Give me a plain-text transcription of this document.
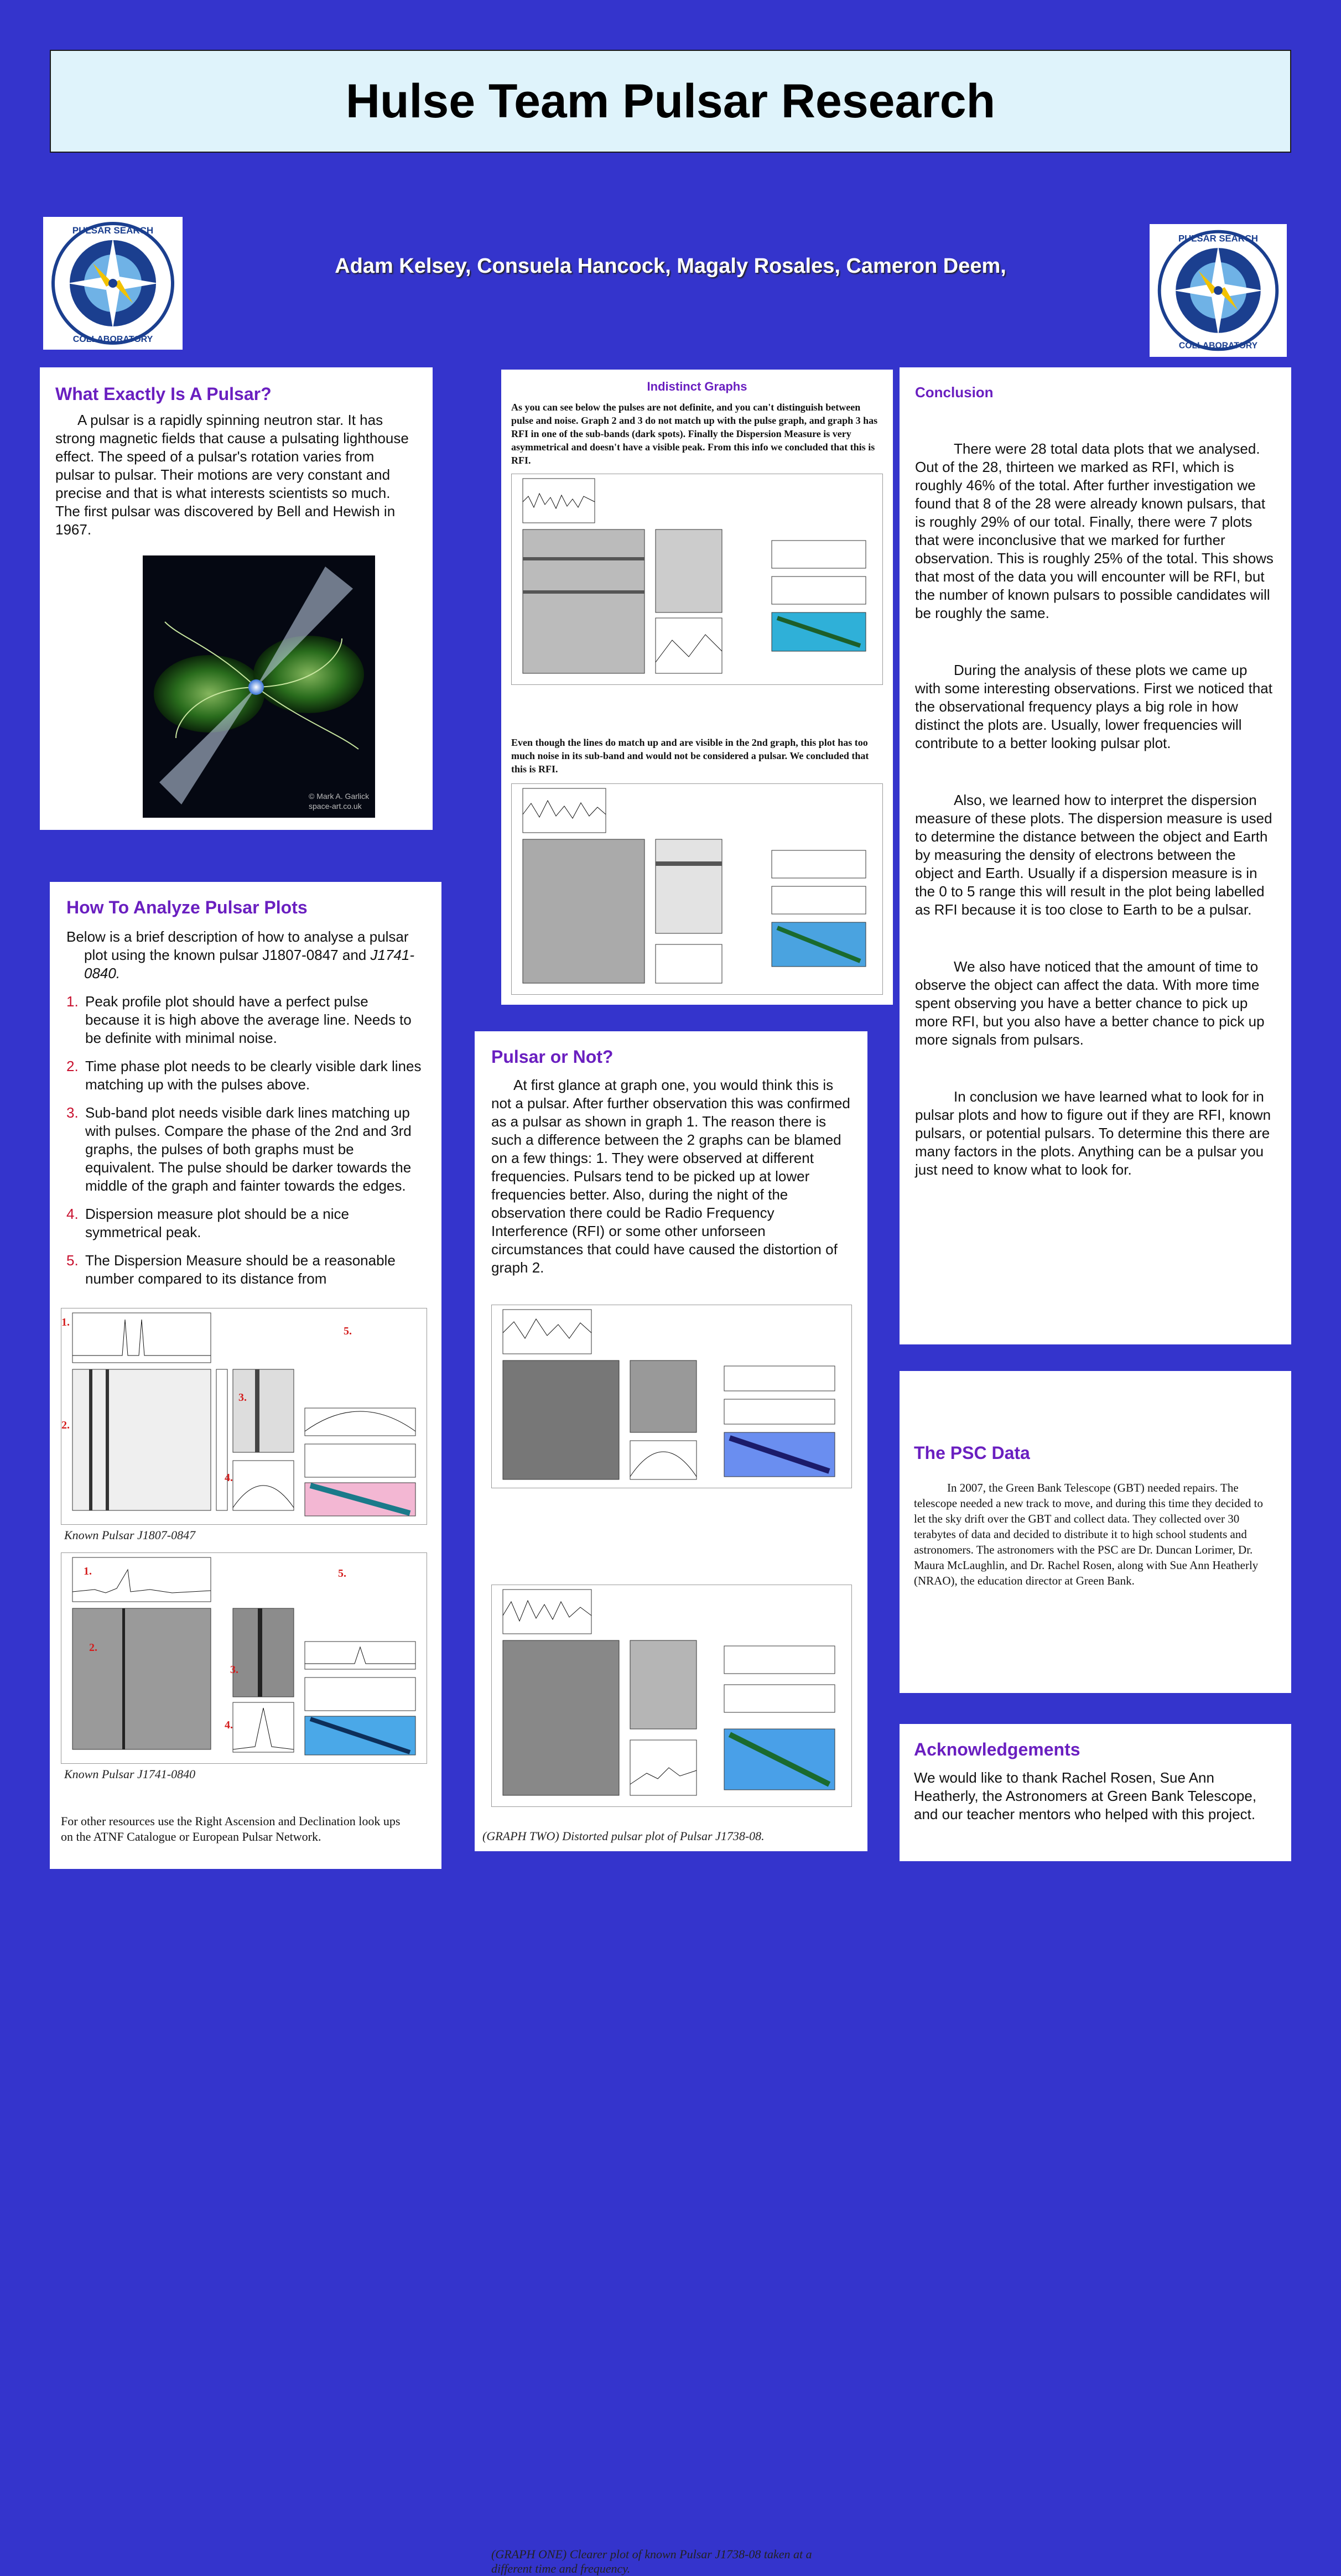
Hulse Team Pulsar Research
PULSAR SEARCH
COLLABORATORY
PULSAR SEARCH
COLLABORATORY
Adam Kelsey, Consuela Hancock, Magaly Rosales, Cameron Deem,
What Exactly Is A Pulsar?

A pulsar is a rapidly spinning neutron star. It has strong magnetic fields that cause a pulsating lighthouse effect. The speed of a pulsar's rotation varies from pulsar to pulsar. Their motions are very constant and precise and that is what interests scientists so much. The first pulsar was discovered by Bell and Hewish in 1967.

© Mark A. Garlick
space-art.co.uk
How To Analyze Pulsar Plots

Below is a brief description of how to analyse a pulsar plot using the known pulsar J1807-0847 and J1741-0840.

1. Peak profile plot should have a perfect pulse because it is high above the average line. Needs to be definite with minimal noise.
2. Time phase plot needs to be clearly visible dark lines matching up with the pulses above.
3. Sub-band plot needs visible dark lines matching up with pulses. Compare the phase of the 2nd and 3rd graphs, the pulses of both graphs must be equivalent. The pulse should be darker towards the middle of the graph and fainter towards the edges.
4. Dispersion measure plot should be a nice symmetrical peak.
5. The Dispersion Measure should be a reasonable number compared to its distance from
1.
2.
3.
4.
5.
Known Pulsar J1807-0847
1.
2.
3.
4.
5.
Known Pulsar J1741-0840
For other resources use the Right Ascension and Declination look ups on the ATNF Catalogue or European Pulsar Network.
Indistinct Graphs

As you can see below the pulses are not definite, and you can't distinguish between pulse and noise. Graph 2 and 3 do not match up with the pulse graph, and graph 3 has RFI in one of the sub-bands (dark spots). Finally the Dispersion Measure is very asymmetrical and doesn't have a visible peak. From this info we concluded that this is RFI.

Even though the lines do match up and are visible in the 2nd graph, this plot has too much noise in its sub-band and would not be considered a pulsar. We concluded that this is RFI.

Pulsar or Not?

At first glance at graph one, you would think this is not a pulsar. After further observation this was confirmed as a pulsar as shown in graph 1. The reason there is such a difference between the 2 graphs can be blamed on a few things: 1. They were observed at different frequencies. Pulsars tend to be picked up at lower frequencies better. Also, during the night of the observation there could be Radio Frequency Interference (RFI) or some other unforseen circumstances that could have caused the distortion of graph 2.

(GRAPH ONE) Clearer plot of known Pulsar J1738-08 taken at a different time and frequency.
(GRAPH TWO) Distorted pulsar plot of Pulsar J1738-08.
Conclusion

There were 28 total data plots that we analysed. Out of the 28, thirteen we marked as RFI, which is roughly 46% of the total. After further investigation we found that 8 of the 28 were already known pulsars, that is roughly 29% of our total. Finally, there were 7 plots that were inconclusive that we marked for further observation. This is roughly 25% of the total. This shows that most of the data you will encounter will be RFI, but the number of known pulsars to possible candidates will be roughly the same.

During the analysis of these plots we came up with some interesting observations. First we noticed that the observational frequency plays a big role in how distinct the plots are. Usually, lower frequencies will contribute to a better looking pulsar plot.

Also, we learned how to interpret the dispersion measure of these plots. The dispersion measure is used to determine the distance between the object and Earth by measuring the density of electrons between the object and Earth. Usually if a dispersion measure is in the 0 to 5 range this will result in the plot being labelled as RFI because it is too close to Earth to be a pulsar.

We also have noticed that the amount of time to observe the object can affect the data. With more time spent observing you have a better chance to pick up more RFI, but you also have a better chance to pick up more signals from pulsars.

In conclusion we have learned what to look for in pulsar plots and how to figure out if they are RFI, known pulsars, or potential pulsars. To determine this there are many factors in the plots. Anything can be a pulsar you just need to know what to look for.

The PSC Data

In 2007, the Green Bank Telescope (GBT) needed repairs. The telescope needed a new track to move, and during this time they decided to let the sky drift over the GBT and collect data. They collected over 30 terabytes of data and decided to distribute it to high school students and astronomers. The astronomers with the PSC are Dr. Duncan Lorimer, Dr. Maura McLaughlin, and Dr. Rachel Rosen, along with Sue Ann Heatherly (NRAO), the education director at Green Bank.

Acknowledgements

We would like to thank Rachel Rosen, Sue Ann Heatherly, the Astronomers at Green Bank Telescope, and our teacher mentors who helped with this project.
